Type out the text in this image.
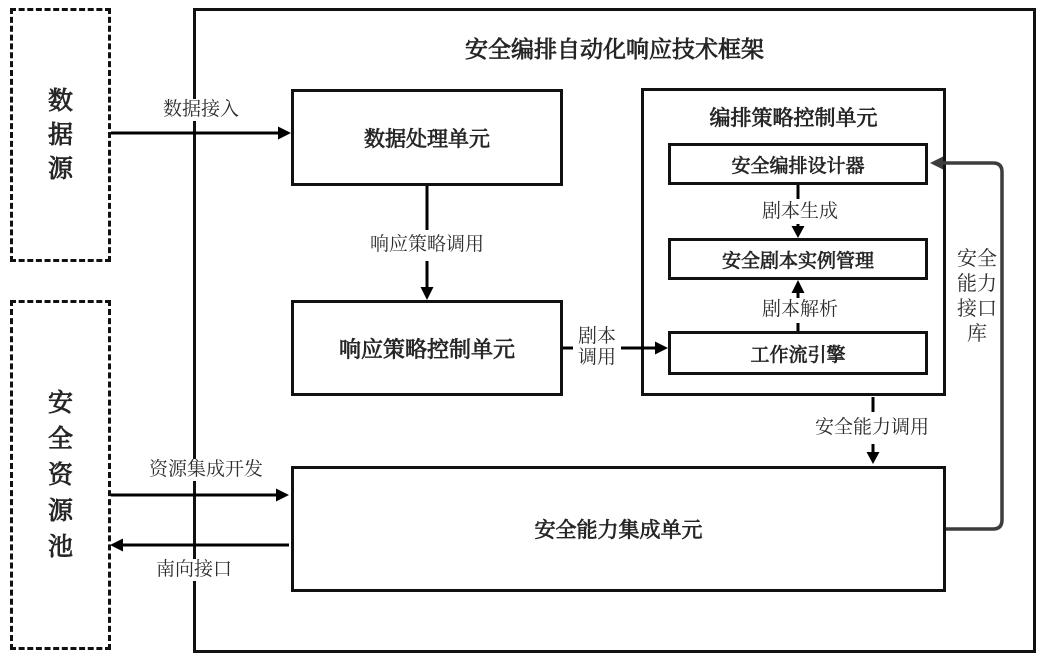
安全编排自动化响应技术框架
数据源
安全资源池
数据处理单元
响应策略控制单元
编排策略控制单元
安全编排设计器
安全剧本实例管理
工作流引擎
安全能力集成单元
数据接入
响应策略调用
剧本调用
剧本生成
剧本解析
安全能力调用
安全能力接口库
资源集成开发
南向接口
